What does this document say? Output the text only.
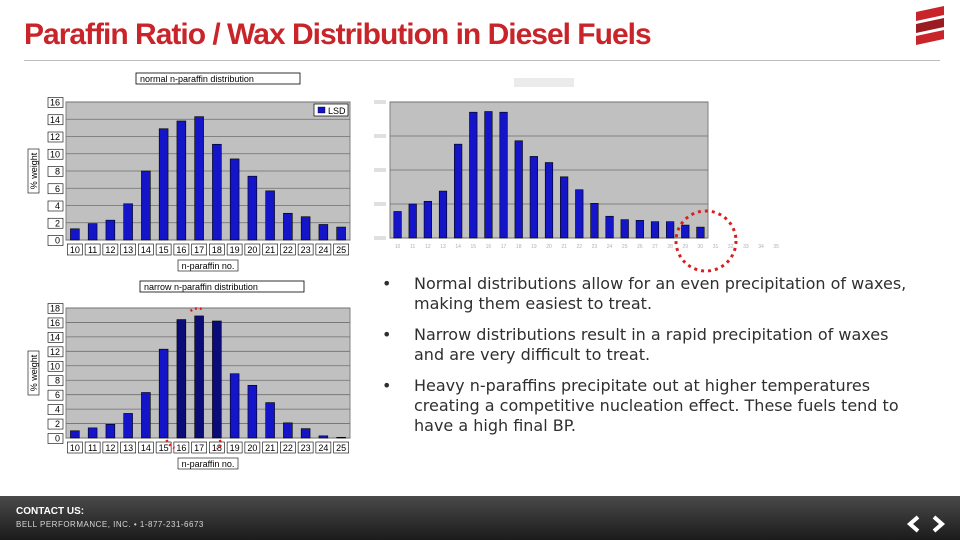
Paraffin Ratio / Wax Distribution in Diesel Fuels
normal n-paraffin distribution
0
2
4
6
8
10
12
14
16
% weight
10 11 12 13 14 15 16 17 18 19 20 21 22 23 24 25
n-paraffin no.
LSD
narrow n-paraffin distribution
0
2
4
6
8
10
12
14
16
18
% weight
10 11 12 13 14 15 16 17 18 19 20 21 22 23 24 25
n-paraffin no.
10 11 12 13 14 15 16 17 18 19 20 21 22 23 24 25 26 27 28 29 30 31 32 33 34 35
• Normal distributions allow for an even precipitation of waxes, making them easiest to treat.
• Narrow distributions result in a rapid precipitation of waxes and are very difficult to treat.
• Heavy n-paraffins precipitate out at higher temperatures creating a competitive nucleation effect. These fuels tend to have a high final BP.
CONTACT US:
BELL PERFORMANCE, INC. • 1-877-231-6673
